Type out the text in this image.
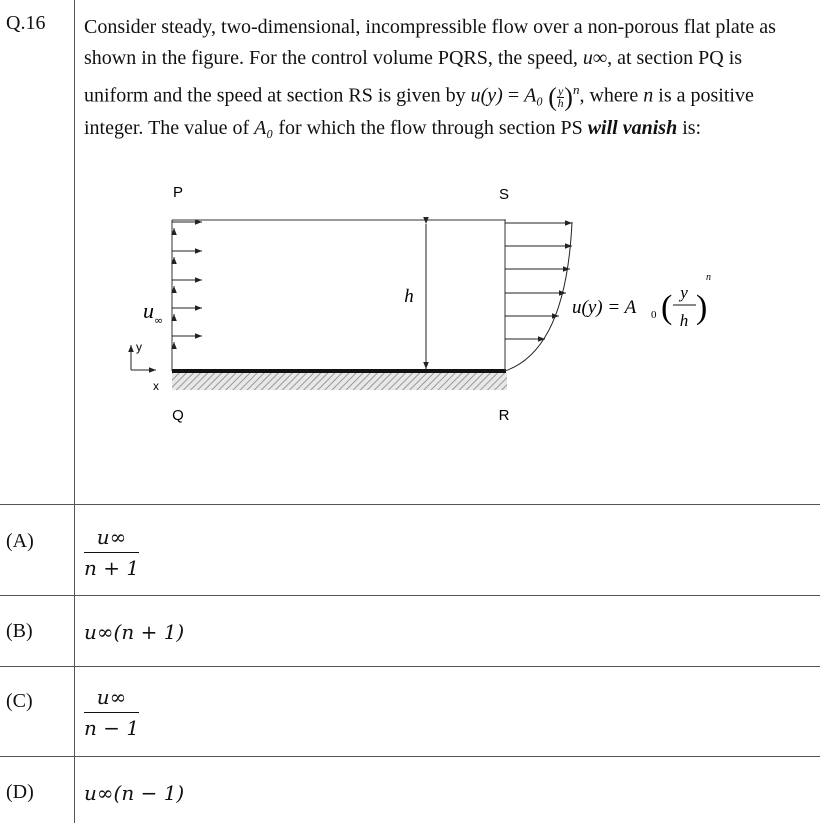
Q.16 Consider steady, two-dimensional, incompressible flow over a non-porous flat plate as shown in the figure. For the control volume PQRS, the speed, u∞, at section PQ is uniform and the speed at section RS is given by u(y) = A₀ ( $\frac{y}{h} )^n$, where n is a positive integer. The value of A₀ for which the flow through section PS will vanish is:
P
Q	R
S
h
u ∞
y
x
u(y) = A 0 ( y
h )
n
(A)	$\frac{u\infty}{n + 1}$
(B)	u∞(n + 1)
(C)	$\frac{u\infty}{n - 1}$
(D)	u∞(n − 1)
